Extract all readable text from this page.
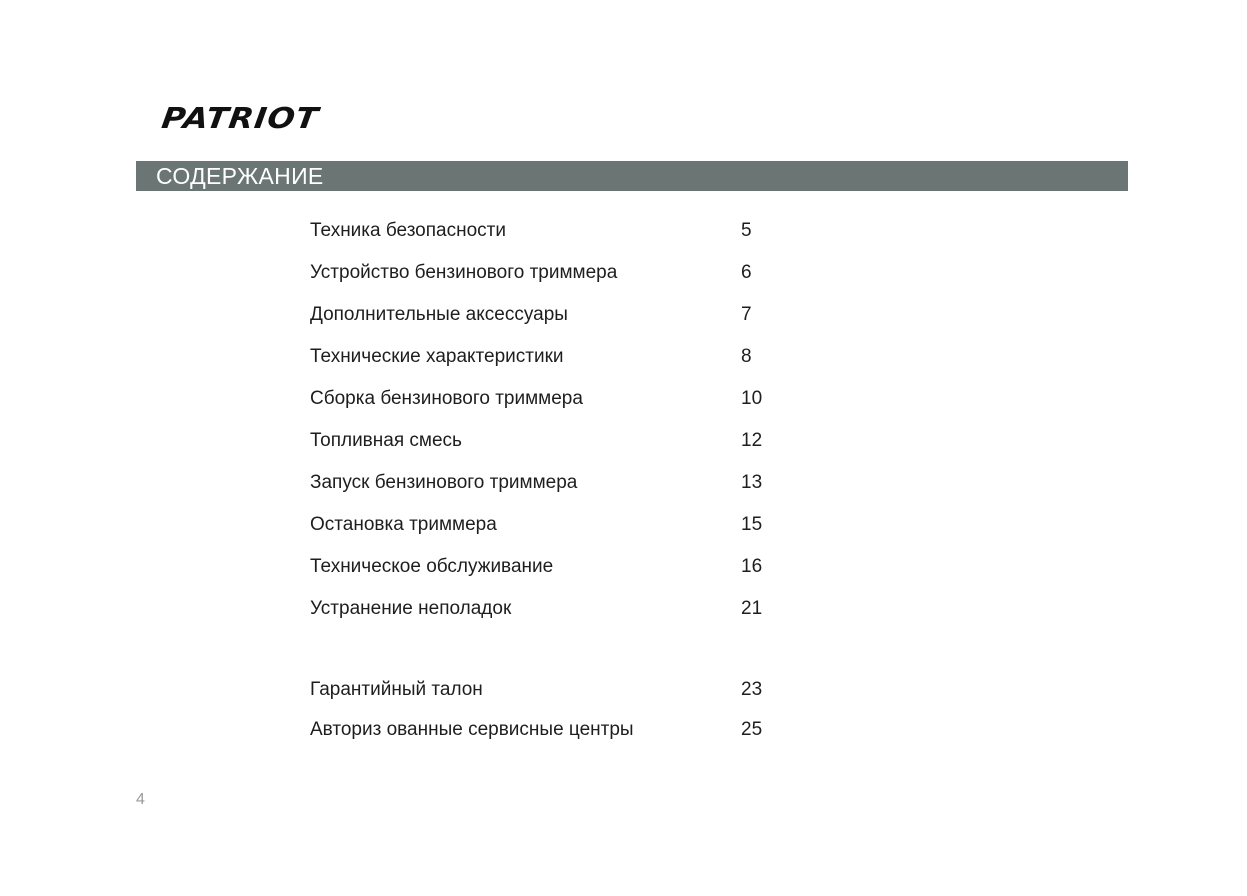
PATRIOT
СОДЕРЖАНИЕ
Техника безопасности	5
Устройство бензинового триммера	6
Дополнительные аксессуары	7
Технические характеристики	8
Сборка бензинового триммера	10
Топливная смесь	12
Запуск бензинового триммера	13
Остановка триммера	15
Техническое обслуживание	16
Устранение неполадок	21
Гарантийный талон	23
Авториз ованные сервисные центры	25
4
